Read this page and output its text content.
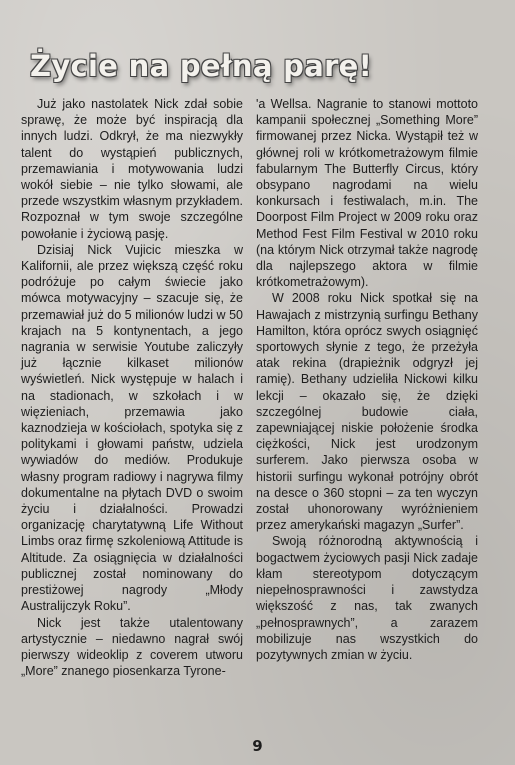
Życie na pełną parę!

Już jako nastolatek Nick zdał sobie sprawę, że może być inspiracją dla innych ludzi. Odkrył, że ma niezwykły talent do wystąpień publicznych, przemawiania i motywowania ludzi wokół siebie – nie tylko słowami, ale przede wszystkim własnym przykładem. Rozpoznał w tym swoje szczególne powołanie i życiową pasję.

Dzisiaj Nick Vujicic mieszka w Kalifornii, ale przez większą część roku podróżuje po całym świecie jako mówca motywacyjny – szacuje się, że przemawiał już do 5 milionów ludzi w 50 krajach na 5 kontynentach, a jego nagrania w serwisie Youtube zaliczyły już łącznie kilkaset milionów wyświetleń. Nick występuje w halach i na stadionach, w szkołach i w więzieniach, przemawia jako kaznodzieja w kościołach, spotyka się z politykami i głowami państw, udziela wywiadów do mediów. Produkuje własny program radiowy i nagrywa filmy dokumentalne na płytach DVD o swoim życiu i działalności. Prowadzi organizację charytatywną Life Without Limbs oraz firmę szkoleniową Attitude is Altitude. Za osiągnięcia w działalności publicznej został nominowany do prestiżowej nagrody „Młody Australijczyk Roku”.

Nick jest także utalentowany artystycznie – niedawno nagrał swój pierwszy wideoklip z coverem utworu „More” znanego piosenkarza Tyrone-

'a Wellsa. Nagranie to stanowi mottoto kampanii społecznej „Something More” firmowanej przez Nicka. Wystąpił też w głównej roli w krótkometrażowym filmie fabularnym The Butterfly Circus, który obsypano nagrodami na wielu konkursach i festiwalach, m.in. The Doorpost Film Project w 2009 roku oraz Method Fest Film Festival w 2010 roku (na którym Nick otrzymał także nagrodę dla najlepszego aktora w filmie krótkometrażowym).

W 2008 roku Nick spotkał się na Hawajach z mistrzynią surfingu Bethany Hamilton, która oprócz swych osiągnięć sportowych słynie z tego, że przeżyła atak rekina (drapieżnik odgryzł jej ramię). Bethany udzieliła Nickowi kilku lekcji – okazało się, że dzięki szczególnej budowie ciała, zapewniającej niskie położenie środka ciężkości, Nick jest urodzonym surferem. Jako pierwsza osoba w historii surfingu wykonał potrójny obrót na desce o 360 stopni – za ten wyczyn został uhonorowany wyróżnieniem przez amerykański magazyn „Surfer”.

Swoją różnorodną aktywnością i bogactwem życiowych pasji Nick zadaje kłam stereotypom dotyczącym niepełnosprawności i zawstydza większość z nas, tak zwanych „pełnosprawnych”, a zarazem mobilizuje nas wszystkich do pozytywnych zmian w życiu.

9
